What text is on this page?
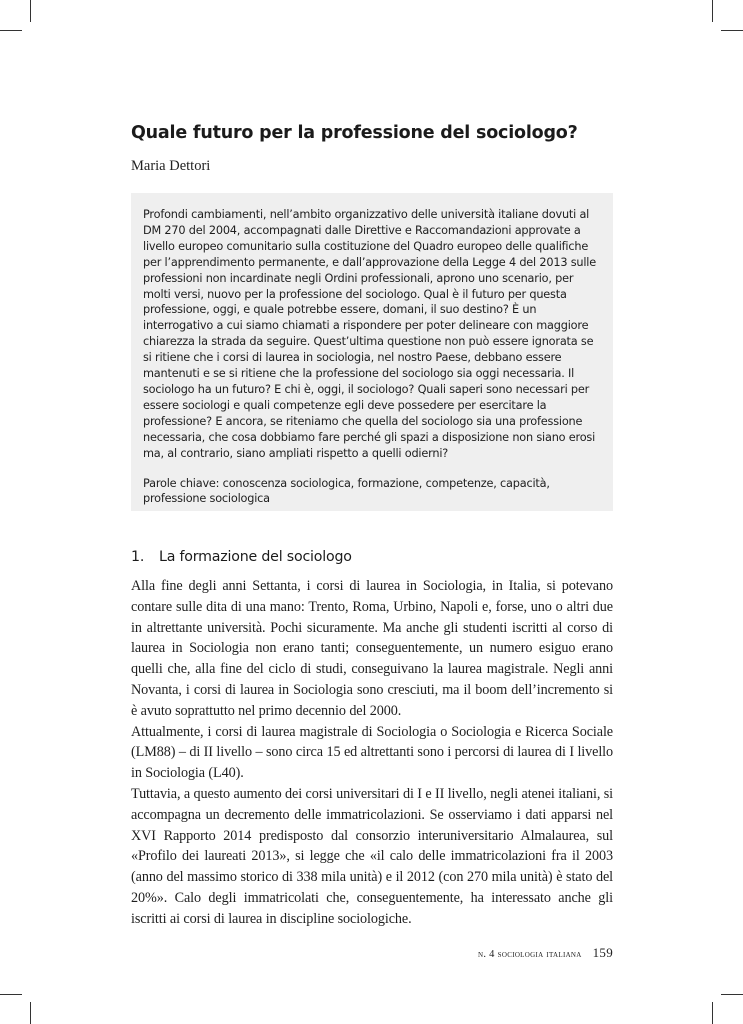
Quale futuro per la professione del sociologo?

Maria Dettori

Profondi cambiamenti, nell’ambito organizzativo delle università italiane dovuti al DM 270 del 2004, accompagnati dalle Direttive e Raccomandazioni approvate a livello europeo comunitario sulla costituzione del Quadro europeo delle qualifiche per l’apprendimento permanente, e dall’approvazione della Legge 4 del 2013 sulle professioni non incardinate negli Ordini professionali, aprono uno scenario, per molti versi, nuovo per la professione del sociologo. Qual è il futuro per questa professione, oggi, e quale potrebbe essere, domani, il suo destino? È un interrogativo a cui siamo chiamati a rispondere per poter delineare con maggiore chiarezza la strada da seguire. Quest’ultima questione non può essere ignorata se si ritiene che i corsi di laurea in sociologia, nel nostro Paese, debbano essere mantenuti e se si ritiene che la professione del sociologo sia oggi necessaria. Il sociologo ha un futuro? E chi è, oggi, il sociologo? Quali saperi sono necessari per essere sociologi e quali competenze egli deve possedere per esercitare la professione? E ancora, se riteniamo che quella del sociologo sia una professione necessaria, che cosa dobbiamo fare perché gli spazi a disposizione non siano erosi ma, al contrario, siano ampliati rispetto a quelli odierni?

Parole chiave: conoscenza sociologica, formazione, competenze, capacità, professione sociologica

1. La formazione del sociologo

Alla fine degli anni Settanta, i corsi di laurea in Sociologia, in Italia, si potevano contare sulle dita di una mano: Trento, Roma, Urbino, Napoli e, forse, uno o altri due in altrettante università. Pochi sicuramente. Ma anche gli studenti iscritti al corso di laurea in Sociologia non erano tanti; conseguentemente, un numero esiguo erano quelli che, alla fine del ciclo di studi, conseguivano la laurea magistrale. Negli anni Novanta, i corsi di laurea in Sociologia sono cresciuti, ma il boom dell’incremento si è avuto soprattutto nel primo decennio del 2000.

Attualmente, i corsi di laurea magistrale di Sociologia o Sociologia e Ricerca Sociale (LM88) – di II livello – sono circa 15 ed altrettanti sono i percorsi di laurea di I livello in Sociologia (L40).

Tuttavia, a questo aumento dei corsi universitari di I e II livello, negli atenei italiani, si accompagna un decremento delle immatricolazioni. Se osserviamo i dati apparsi nel XVI Rapporto 2014 predisposto dal consorzio interuniversitario Almalaurea, sul «Profilo dei laureati 2013», si legge che «il calo delle immatricolazioni fra il 2003 (anno del massimo storico di 338 mila unità) e il 2012 (con 270 mila unità) è stato del 20%». Calo degli immatricolati che, conseguentemente, ha interessato anche gli iscritti ai corsi di laurea in discipline sociologiche.

n. 4 sociologia italiana 159
